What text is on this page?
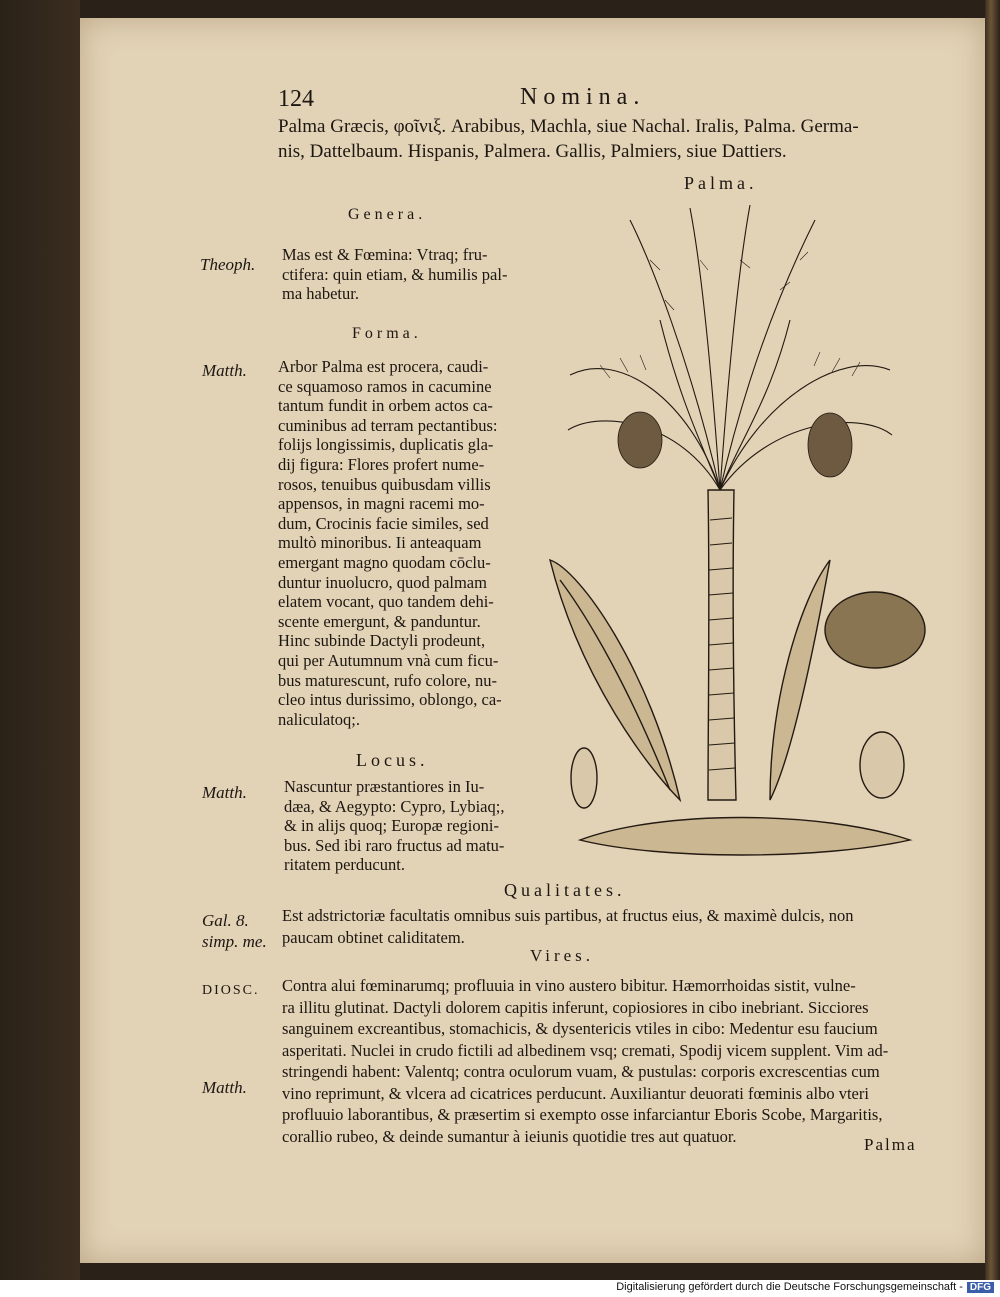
124	Nomina.
Palma Græcis, φοῖνιξ. Arabibus, Machla, siue Nachal. Iralis, Palma. Germa-
nis, Dattelbaum. Hispanis, Palmera. Gallis, Palmiers, siue Dattiers.
Palma.
Genera.
Theoph.
Mas est & Fœmina: Vtraq; fru-
ctifera: quin etiam, & humilis pal-
ma habetur.
Forma.
Matth. Arbor Palma est procera, caudi-
ce squamoso ramos in cacumine
tantum fundit in orbem actos ca-
cuminibus ad terram pectantibus:
folijs longissimis, duplicatis gla-
dij figura: Flores profert nume-
rosos, tenuibus quibusdam villis
appensos, in magni racemi mo-
dum, Crocinis facie similes, sed
multò minoribus. Ii anteaquam
emergant magno quodam cōclu-
duntur inuolucro, quod palmam
elatem vocant, quo tandem dehi-
scente emergunt, & panduntur.
Hinc subinde Dactyli prodeunt,
qui per Autumnum vnà cum ficu-
bus maturescunt, rufo colore, nu-
cleo intus durissimo, oblongo, ca-
naliculatoq;.
Locus.
Matth. Nascuntur præstantiores in Iu-
dæa, & Aegypto: Cypro, Lybiaq;,
& in alijs quoq; Europæ regioni-
bus. Sed ibi raro fructus ad matu-
ritatem perducunt.
Qualitates.
Gal. 8.
simp. me.
Est adstrictoriæ facultatis omnibus suis partibus, at fructus eius, & maximè dulcis, non
paucam obtinet caliditatem.
Vires.
DIOSC.
Matth.
Contra alui fœminarumq; profluuia in vino austero bibitur. Hæmorrhoidas sistit, vulne-
ra illitu glutinat. Dactyli dolorem capitis inferunt, copiosiores in cibo inebriant. Sicciores
sanguinem excreantibus, stomachicis, & dysentericis vtiles in cibo: Medentur esu faucium
asperitati. Nuclei in crudo fictili ad albedinem vsq; cremati, Spodij vicem supplent. Vim ad-
stringendi habent: Valentq; contra oculorum vuam, & pustulas: corporis excrescentias cum
vino reprimunt, & vlcera ad cicatrices perducunt. Auxiliantur deuorati fœminis albo vteri
profluuio laborantibus, & præsertim si exempto osse infarciantur Eboris Scobe, Margaritis,
corallio rubeo, & deinde sumantur à ieiunis quotidie tres aut quatuor.	Palma
Digitalisierung gefördert durch die Deutsche Forschungsgemeinschaft - DFG
